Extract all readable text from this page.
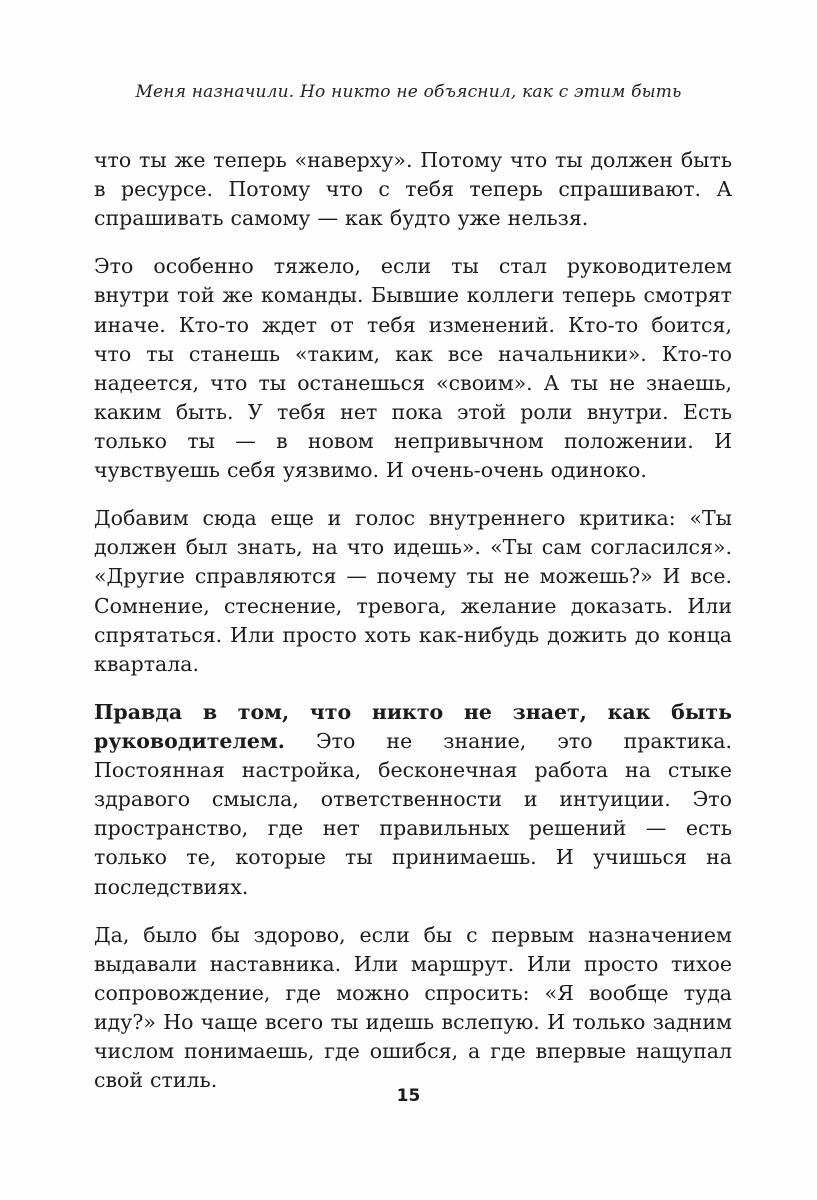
Меня назначили. Но никто не объяснил, как с этим быть

что ты же теперь «наверху». Потому что ты должен быть в ресурсе. Потому что с тебя теперь спрашивают. А спрашивать самому — как будто уже нельзя.

Это особенно тяжело, если ты стал руководителем внутри той же команды. Бывшие коллеги теперь смотрят иначе. Кто-то ждет от тебя изменений. Кто-то боится, что ты станешь «таким, как все начальники». Кто-то надеется, что ты останешься «своим». А ты не знаешь, каким быть. У тебя нет пока этой роли внутри. Есть только ты — в новом непривычном положении. И чувствуешь себя уязвимо. И очень-очень одиноко.

Добавим сюда еще и голос внутреннего критика: «Ты должен был знать, на что идешь». «Ты сам согласился». «Другие справляются — почему ты не можешь?» И все. Сомнение, стеснение, тревога, желание доказать. Или спрятаться. Или просто хоть как-нибудь дожить до конца квартала.

Правда в том, что никто не знает, как быть руководителем. Это не знание, это практика. Постоянная настройка, бесконечная работа на стыке здравого смысла, ответственности и интуиции. Это пространство, где нет правильных решений — есть только те, которые ты принимаешь. И учишься на последствиях.

Да, было бы здорово, если бы с первым назначением выдавали наставника. Или маршрут. Или просто тихое сопровождение, где можно спросить: «Я вообще туда иду?» Но чаще всего ты идешь вслепую. И только задним числом понимаешь, где ошибся, а где впервые нащупал свой стиль.

15
